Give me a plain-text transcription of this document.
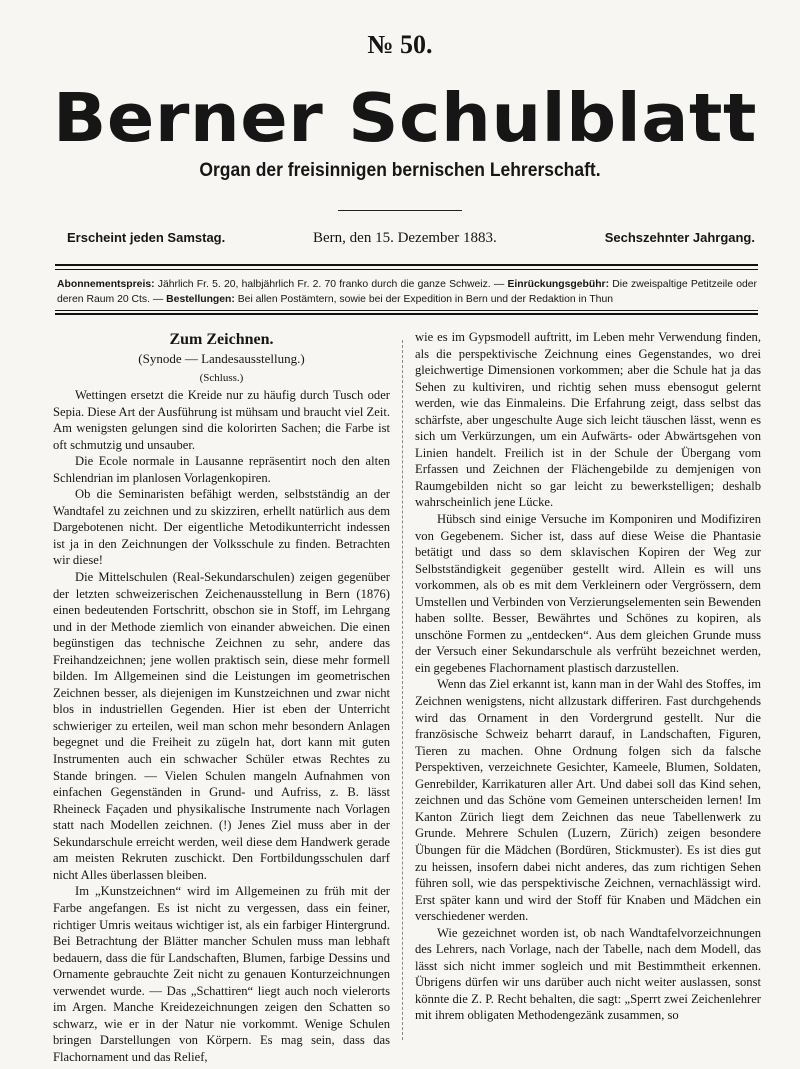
№ 50.
Berner Schulblatt
Organ der freisinnigen bernischen Lehrerschaft.
Erscheint jeden Samstag.	Bern, den 15. Dezember 1883.	Sechszehnter Jahrgang.
Abonnementspreis: Jährlich Fr. 5. 20, halbjährlich Fr. 2. 70 franko durch die ganze Schweiz. — Einrückungsgebühr: Die zweispaltige Petitzeile oder deren Raum 20 Cts. — Bestellungen: Bei allen Postämtern, sowie bei der Expedition in Bern und der Redaktion in Thun
Zum Zeichnen.
(Synode — Landesausstellung.)
(Schluss.)

Wettingen ersetzt die Kreide nur zu häufig durch Tusch oder Sepia. Diese Art der Ausführung ist mühsam und braucht viel Zeit. Am wenigsten gelungen sind die kolorirten Sachen; die Farbe ist oft schmutzig und unsauber.

Die Ecole normale in Lausanne repräsentirt noch den alten Schlendrian im planlosen Vorlagenkopiren.

Ob die Seminaristen befähigt werden, selbstständig an der Wandtafel zu zeichnen und zu skizziren, erhellt natürlich aus dem Dargebotenen nicht. Der eigentliche Metodikunterricht indessen ist ja in den Zeichnungen der Volksschule zu finden. Betrachten wir diese!

Die Mittelschulen (Real-Sekundarschulen) zeigen gegenüber der letzten schweizerischen Zeichenausstellung in Bern (1876) einen bedeutenden Fortschritt, obschon sie in Stoff, im Lehrgang und in der Methode ziemlich von einander abweichen. Die einen begünstigen das technische Zeichnen zu sehr, andere das Freihandzeichnen; jene wollen praktisch sein, diese mehr formell bilden. Im Allgemeinen sind die Leistungen im geometrischen Zeichnen besser, als diejenigen im Kunstzeichnen und zwar nicht blos in industriellen Gegenden. Hier ist eben der Unterricht schwieriger zu erteilen, weil man schon mehr besondern Anlagen begegnet und die Freiheit zu zügeln hat, dort kann mit guten Instrumenten auch ein schwacher Schüler etwas Rechtes zu Stande bringen. — Vielen Schulen mangeln Aufnahmen von einfachen Gegenständen in Grund- und Aufriss, z. B. lässt Rheineck Façaden und physikalische Instrumente nach Vorlagen statt nach Modellen zeichnen. (!) Jenes Ziel muss aber in der Sekundarschule erreicht werden, weil diese dem Handwerk gerade am meisten Rekruten zuschickt. Den Fortbildungsschulen darf nicht Alles überlassen bleiben.

Im „Kunstzeichnen“ wird im Allgemeinen zu früh mit der Farbe angefangen. Es ist nicht zu vergessen, dass ein feiner, richtiger Umris weitaus wichtiger ist, als ein farbiger Hintergrund. Bei Betrachtung der Blätter mancher Schulen muss man lebhaft bedauern, dass die für Landschaften, Blumen, farbige Dessins und Ornamente gebrauchte Zeit nicht zu genauen Konturzeichnungen verwendet wurde. — Das „Schattiren“ liegt auch noch vielerorts im Argen. Manche Kreidezeichnungen zeigen den Schatten so schwarz, wie er in der Natur nie vorkommt. Wenige Schulen bringen Darstellungen von Körpern. Es mag sein, dass das Flachornament und das Relief,

wie es im Gypsmodell auftritt, im Leben mehr Verwendung finden, als die perspektivische Zeichnung eines Gegenstandes, wo drei gleichwertige Dimensionen vorkommen; aber die Schule hat ja das Sehen zu kultiviren, und richtig sehen muss ebensogut gelernt werden, wie das Einmaleins. Die Erfahrung zeigt, dass selbst das schärfste, aber ungeschulte Auge sich leicht täuschen lässt, wenn es sich um Verkürzungen, um ein Aufwärts- oder Abwärtsgehen von Linien handelt. Freilich ist in der Schule der Übergang vom Erfassen und Zeichnen der Flächengebilde zu demjenigen von Raumgebilden nicht so gar leicht zu bewerkstelligen; deshalb wahrscheinlich jene Lücke.

Hübsch sind einige Versuche im Komponiren und Modifiziren von Gegebenem. Sicher ist, dass auf diese Weise die Phantasie betätigt und dass so dem sklavischen Kopiren der Weg zur Selbstständigkeit gegenüber gestellt wird. Allein es will uns vorkommen, als ob es mit dem Verkleinern oder Vergrössern, dem Umstellen und Verbinden von Verzierungselementen sein Bewenden haben sollte. Besser, Bewährtes und Schönes zu kopiren, als unschöne Formen zu „entdecken“. Aus dem gleichen Grunde muss der Versuch einer Sekundarschule als verfrüht bezeichnet werden, ein gegebenes Flachornament plastisch darzustellen.

Wenn das Ziel erkannt ist, kann man in der Wahl des Stoffes, im Zeichnen wenigstens, nicht allzustark differiren. Fast durchgehends wird das Ornament in den Vordergrund gestellt. Nur die französische Schweiz beharrt darauf, in Landschaften, Figuren, Tieren zu machen. Ohne Ordnung folgen sich da falsche Perspektiven, verzeichnete Gesichter, Kameele, Blumen, Soldaten, Genrebilder, Karrikaturen aller Art. Und dabei soll das Kind sehen, zeichnen und das Schöne vom Gemeinen unterscheiden lernen! Im Kanton Zürich liegt dem Zeichnen das neue Tabellenwerk zu Grunde. Mehrere Schulen (Luzern, Zürich) zeigen besondere Übungen für die Mädchen (Bordüren, Stickmuster). Es ist dies gut zu heissen, insofern dabei nicht anderes, das zum richtigen Sehen führen soll, wie das perspektivische Zeichnen, vernachlässigt wird. Erst später kann und wird der Stoff für Knaben und Mädchen ein verschiedener werden.

Wie gezeichnet worden ist, ob nach Wandtafelvorzeichnungen des Lehrers, nach Vorlage, nach der Tabelle, nach dem Modell, das lässt sich nicht immer sogleich und mit Bestimmtheit erkennen. Übrigens dürfen wir uns darüber auch nicht weiter auslassen, sonst könnte die Z. P. Recht behalten, die sagt: „Sperrt zwei Zeichenlehrer mit ihrem obligaten Methodengezänk zusammen, so
